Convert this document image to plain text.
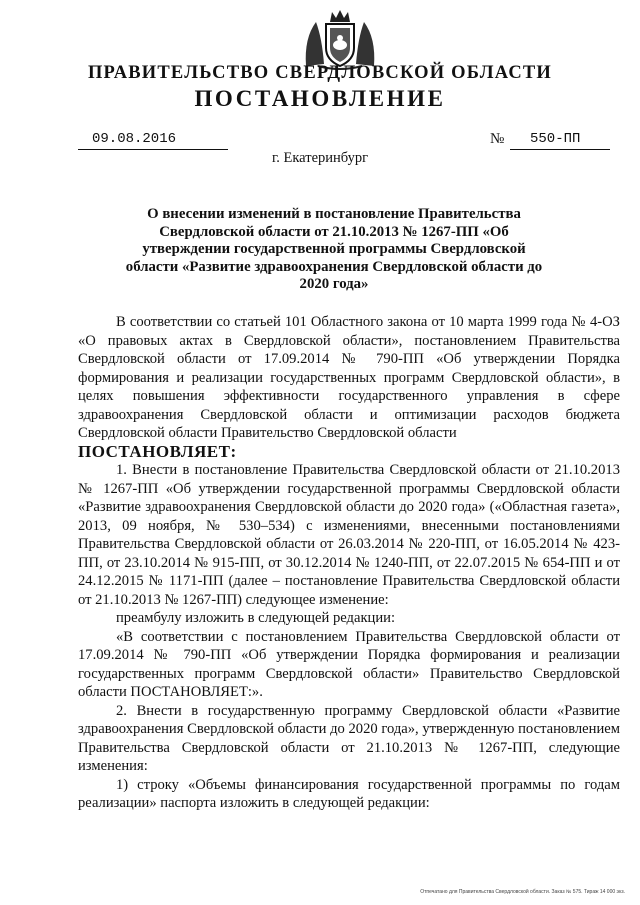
ПРАВИТЕЛЬСТВО СВЕРДЛОВСКОЙ ОБЛАСТИ
ПОСТАНОВЛЕНИЕ
09.08.2016	№ 550-ПП
г. Екатеринбург
О внесении изменений в постановление Правительства Свердловской области от 21.10.2013 № 1267-ПП «Об утверждении государственной программы Свердловской области «Развитие здравоохранения Свердловской области до 2020 года»

В соответствии со статьей 101 Областного закона от 10 марта 1999 года № 4-ОЗ «О правовых актах в Свердловской области», постановлением Правительства Свердловской области от 17.09.2014 № 790-ПП «Об утверждении Порядка формирования и реализации государственных программ Свердловской области», в целях повышения эффективности государственного управления в сфере здравоохранения Свердловской области и оптимизации расходов бюджета Свердловской области Правительство Свердловской области

ПОСТАНОВЛЯЕТ:

1. Внести в постановление Правительства Свердловской области от 21.10.2013 № 1267-ПП «Об утверждении государственной программы Свердловской области «Развитие здравоохранения Свердловской области до 2020 года» («Областная газета», 2013, 09 ноября, № 530–534) с изменениями, внесенными постановлениями Правительства Свердловской области от 26.03.2014 № 220-ПП, от 16.05.2014 № 423-ПП, от 23.10.2014 № 915-ПП, от 30.12.2014 № 1240-ПП, от 22.07.2015 № 654-ПП и от 24.12.2015 № 1171-ПП (далее – постановление Правительства Свердловской области от 21.10.2013 № 1267-ПП) следующее изменение:

преамбулу изложить в следующей редакции:

«В соответствии с постановлением Правительства Свердловской области от 17.09.2014 № 790-ПП «Об утверждении Порядка формирования и реализации государственных программ Свердловской области» Правительство Свердловской области ПОСТАНОВЛЯЕТ:».

2. Внести в государственную программу Свердловской области «Развитие здравоохранения Свердловской области до 2020 года», утвержденную постановлением Правительства Свердловской области от 21.10.2013 № 1267-ПП, следующие изменения:

1) строку «Объемы финансирования государственной программы по годам реализации» паспорта изложить в следующей редакции:

Отпечатано для Правительства Свердловской области. Заказ № 575. Тираж 14 000 экз.
